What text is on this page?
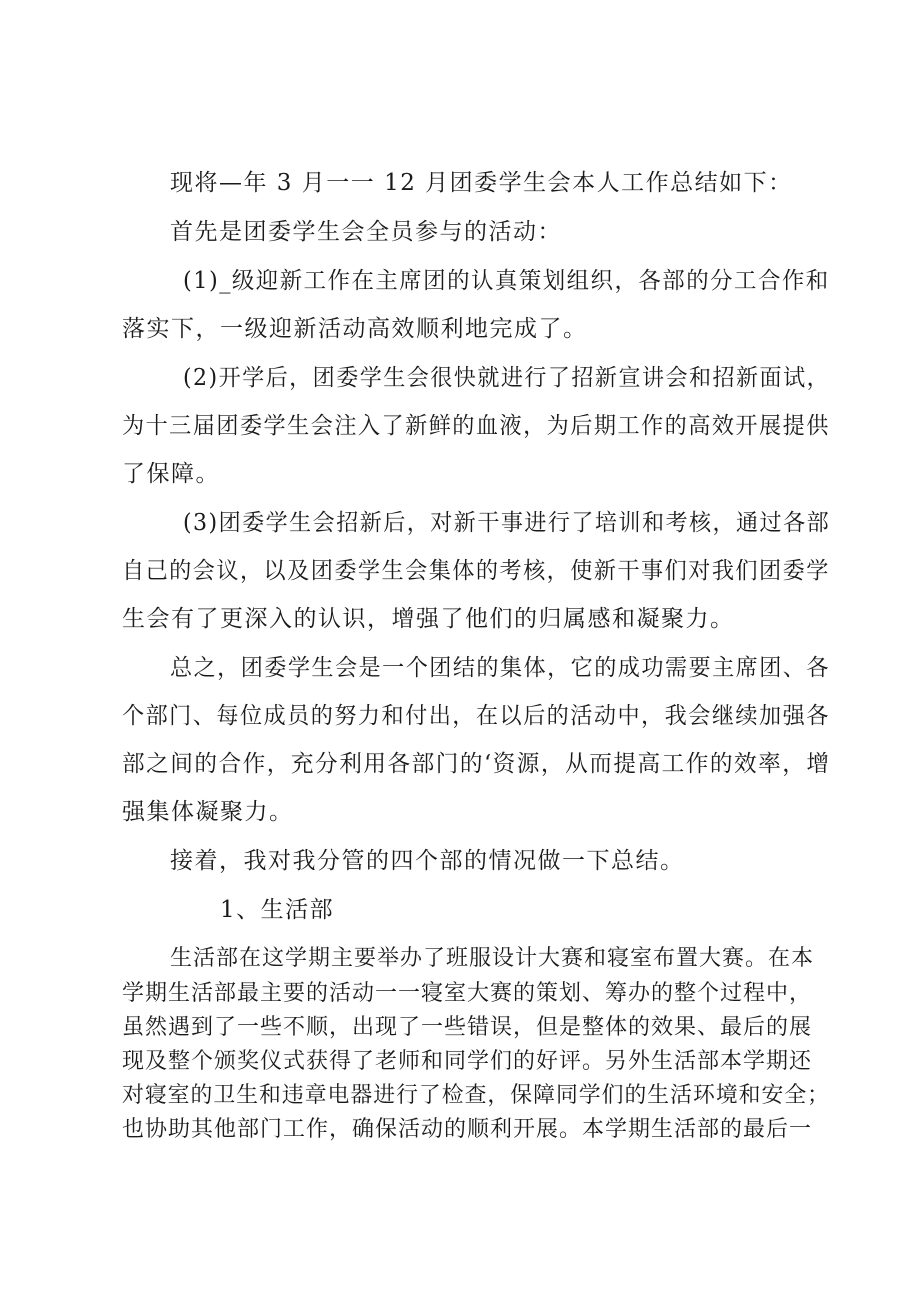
现将—年 3 月一一 12 月团委学生会本人工作总结如下：
首先是团委学生会全员参与的活动：
(1)_级迎新工作在主席团的认真策划组织，各部的分工合作和
落实下，一级迎新活动高效顺利地完成了。
(2)开学后，团委学生会很快就进行了招新宣讲会和招新面试，
为十三届团委学生会注入了新鲜的血液，为后期工作的高效开展提供
了保障。
(3)团委学生会招新后，对新干事进行了培训和考核，通过各部
自己的会议，以及团委学生会集体的考核，使新干事们对我们团委学
生会有了更深入的认识，增强了他们的归属感和凝聚力。
总之，团委学生会是一个团结的集体，它的成功需要主席团、各
个部门、每位成员的努力和付出，在以后的活动中，我会继续加强各
部之间的合作，充分利用各部门的‘资源，从而提高工作的效率，增
强集体凝聚力。
接着，我对我分管的四个部的情况做一下总结。
1、生活部
生活部在这学期主要举办了班服设计大赛和寝室布置大赛。在本
学期生活部最主要的活动一一寝室大赛的策划、筹办的整个过程中，
虽然遇到了一些不顺，出现了一些错误，但是整体的效果、最后的展
现及整个颁奖仪式获得了老师和同学们的好评。另外生活部本学期还
对寝室的卫生和违章电器进行了检查，保障同学们的生活环境和安全；
也协助其他部门工作，确保活动的顺利开展。本学期生活部的最后一
